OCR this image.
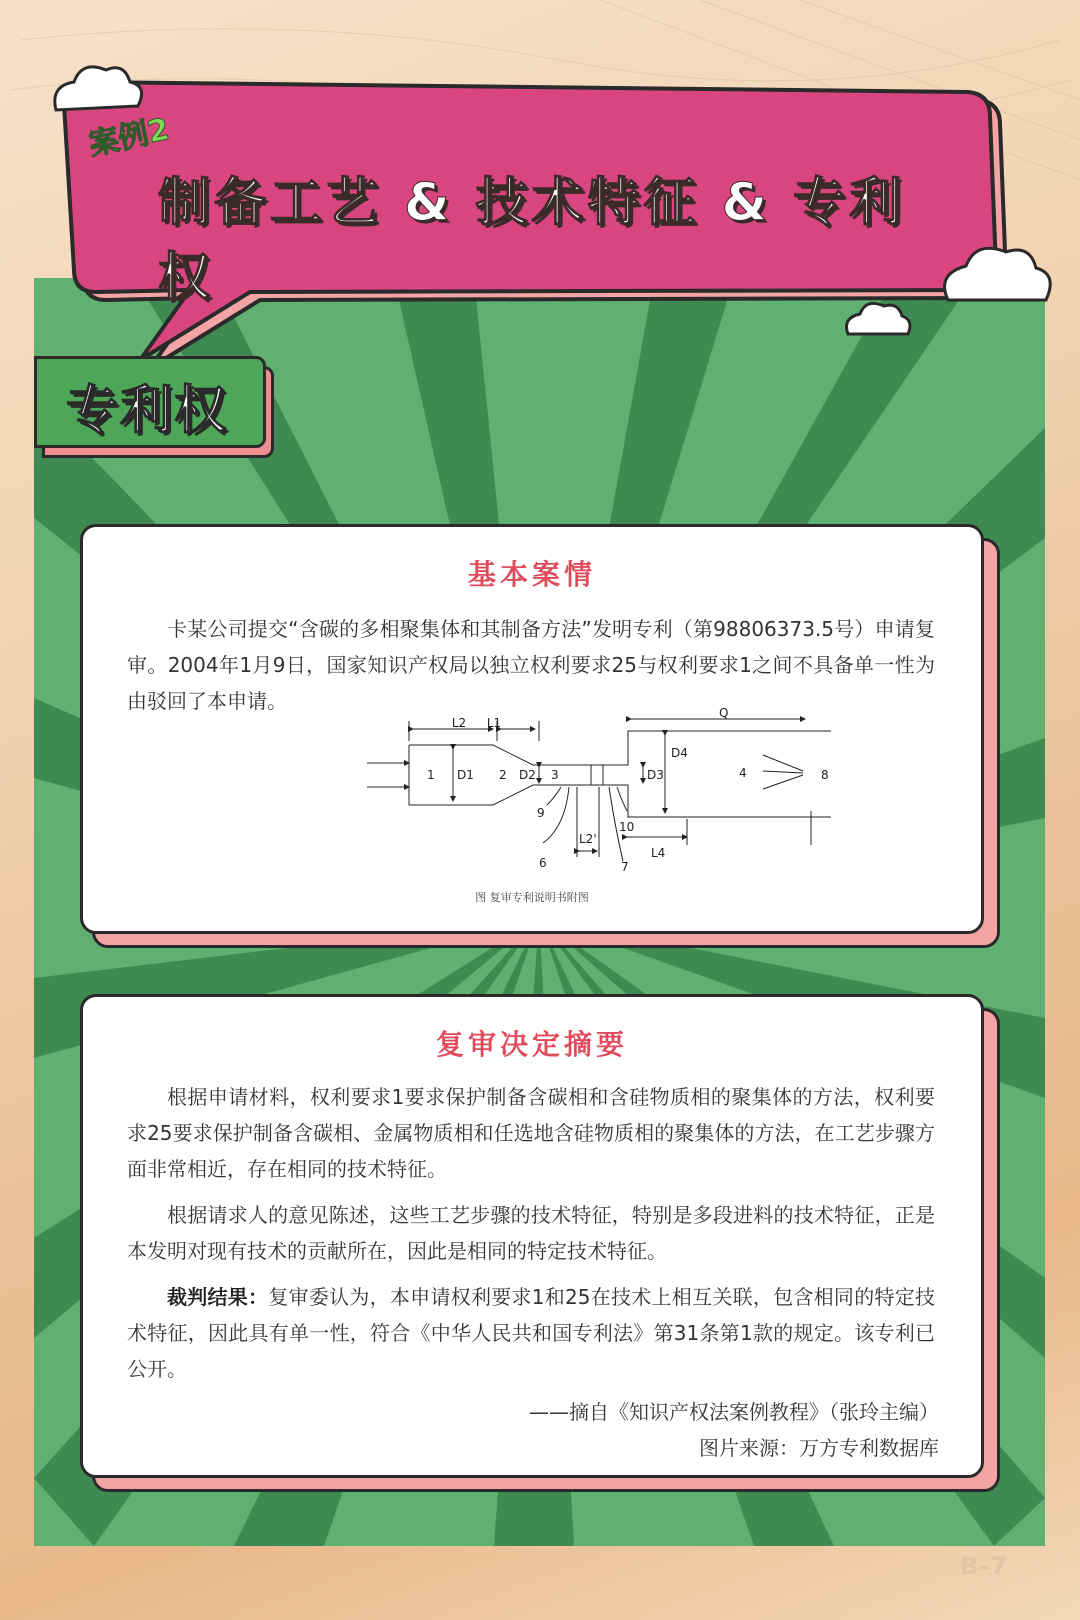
案例2
制备工艺 & 技术特征 & 专利权
专利权
基本案情
卡某公司提交“含碳的多相聚集体和其制备方法”发明专利（第98806373.5号）申请复审。2004年1月9日，国家知识产权局以独立权利要求25与权利要求1之间不具备单一性为由驳回了本申请。
L1
L2
Q
1 D1 2 D2 3	D3
D4
4	8
9
10
L2'
L4
6	7
图 复审专利说明书附图
复审决定摘要
根据申请材料，权利要求1要求保护制备含碳相和含硅物质相的聚集体的方法，权利要求25要求保护制备含碳相、金属物质相和任选地含硅物质相的聚集体的方法，在工艺步骤方面非常相近，存在相同的技术特征。
根据请求人的意见陈述，这些工艺步骤的技术特征，特别是多段进料的技术特征，正是本发明对现有技术的贡献所在，因此是相同的特定技术特征。
裁判结果：复审委认为，本申请权利要求1和25在技术上相互关联，包含相同的特定技术特征，因此具有单一性，符合《中华人民共和国专利法》第31条第1款的规定。该专利已公开。
——摘自《知识产权法案例教程》（张玲主编）
图片来源：万方专利数据库
B–7
